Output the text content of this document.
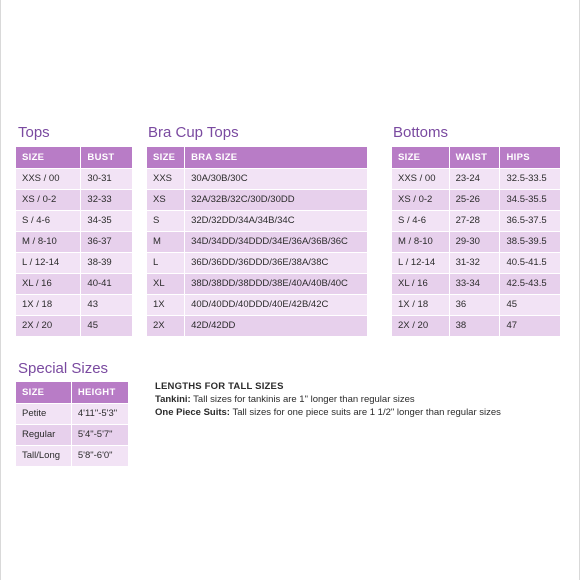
Tops
SIZE	BUST
XXS / 00	30-31
XS / 0-2	32-33
S / 4-6	34-35
M / 8-10	36-37
L / 12-14	38-39
XL / 16	40-41
1X / 18	43
2X / 20	45
Bra Cup Tops
SIZE	BRA SIZE
XXS	30A/30B/30C
XS	32A/32B/32C/30D/30DD
S	32D/32DD/34A/34B/34C
M	34D/34DD/34DDD/34E/36A/36B/36C
L	36D/36DD/36DDD/36E/38A/38C
XL	38D/38DD/38DDD/38E/40A/40B/40C
1X	40D/40DD/40DDD/40E/42B/42C
2X	42D/42DD
Bottoms
SIZE	WAIST	HIPS
XXS / 00	23-24	32.5-33.5
XS / 0-2	25-26	34.5-35.5
S / 4-6	27-28	36.5-37.5
M / 8-10	29-30	38.5-39.5
L / 12-14	31-32	40.5-41.5
XL / 16	33-34	42.5-43.5
1X / 18	36	45
2X / 20	38	47
Special Sizes
SIZE	HEIGHT
Petite	4'11"-5'3"
Regular	5'4"-5'7"
Tall/Long	5'8"-6'0"
LENGTHS FOR TALL SIZES
Tankini: Tall sizes for tankinis are 1" longer than regular sizes
One Piece Suits: Tall sizes for one piece suits are 1 1/2" longer than regular sizes
